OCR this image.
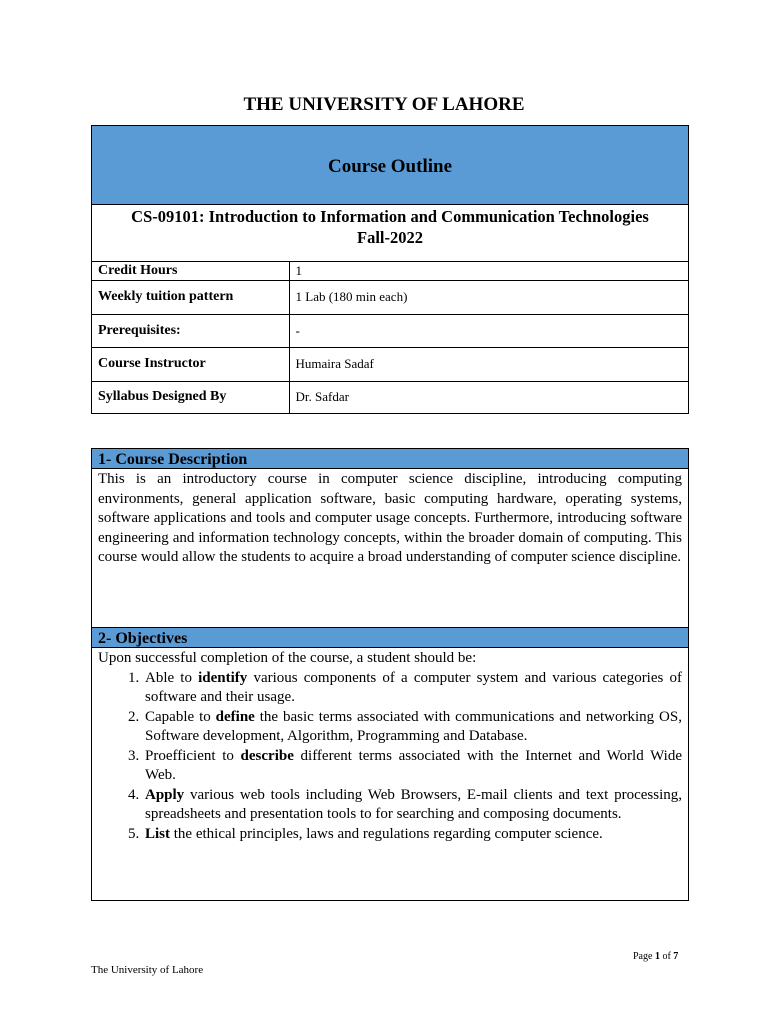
THE UNIVERSITY OF LAHORE
Course Outline
CS-09101: Introduction to Information and Communication Technologies
Fall-2022
Credit Hours	1
Weekly tuition pattern	1 Lab (180 min each)
Prerequisites:	-
Course Instructor	Humaira Sadaf
Syllabus Designed By	Dr. Safdar
1- Course Description
This is an introductory course in computer science discipline, introducing computing environments, general application software, basic computing hardware, operating systems, software applications and tools and computer usage concepts. Furthermore, introducing software engineering and information technology concepts, within the broader domain of computing. This course would allow the students to acquire a broad understanding of computer science discipline.
2- Objectives
Upon successful completion of the course, a student should be:
1. Able to identify various components of a computer system and various categories of software and their usage.
2. Capable to define the basic terms associated with communications and networking OS, Software development, Algorithm, Programming and Database.
3. Proefficient to describe different terms associated with the Internet and World Wide Web.
4. Apply various web tools including Web Browsers, E-mail clients and text processing, spreadsheets and presentation tools to for searching and composing documents.
5. List the ethical principles, laws and regulations regarding computer science.
Page 1 of 7
The University of Lahore
